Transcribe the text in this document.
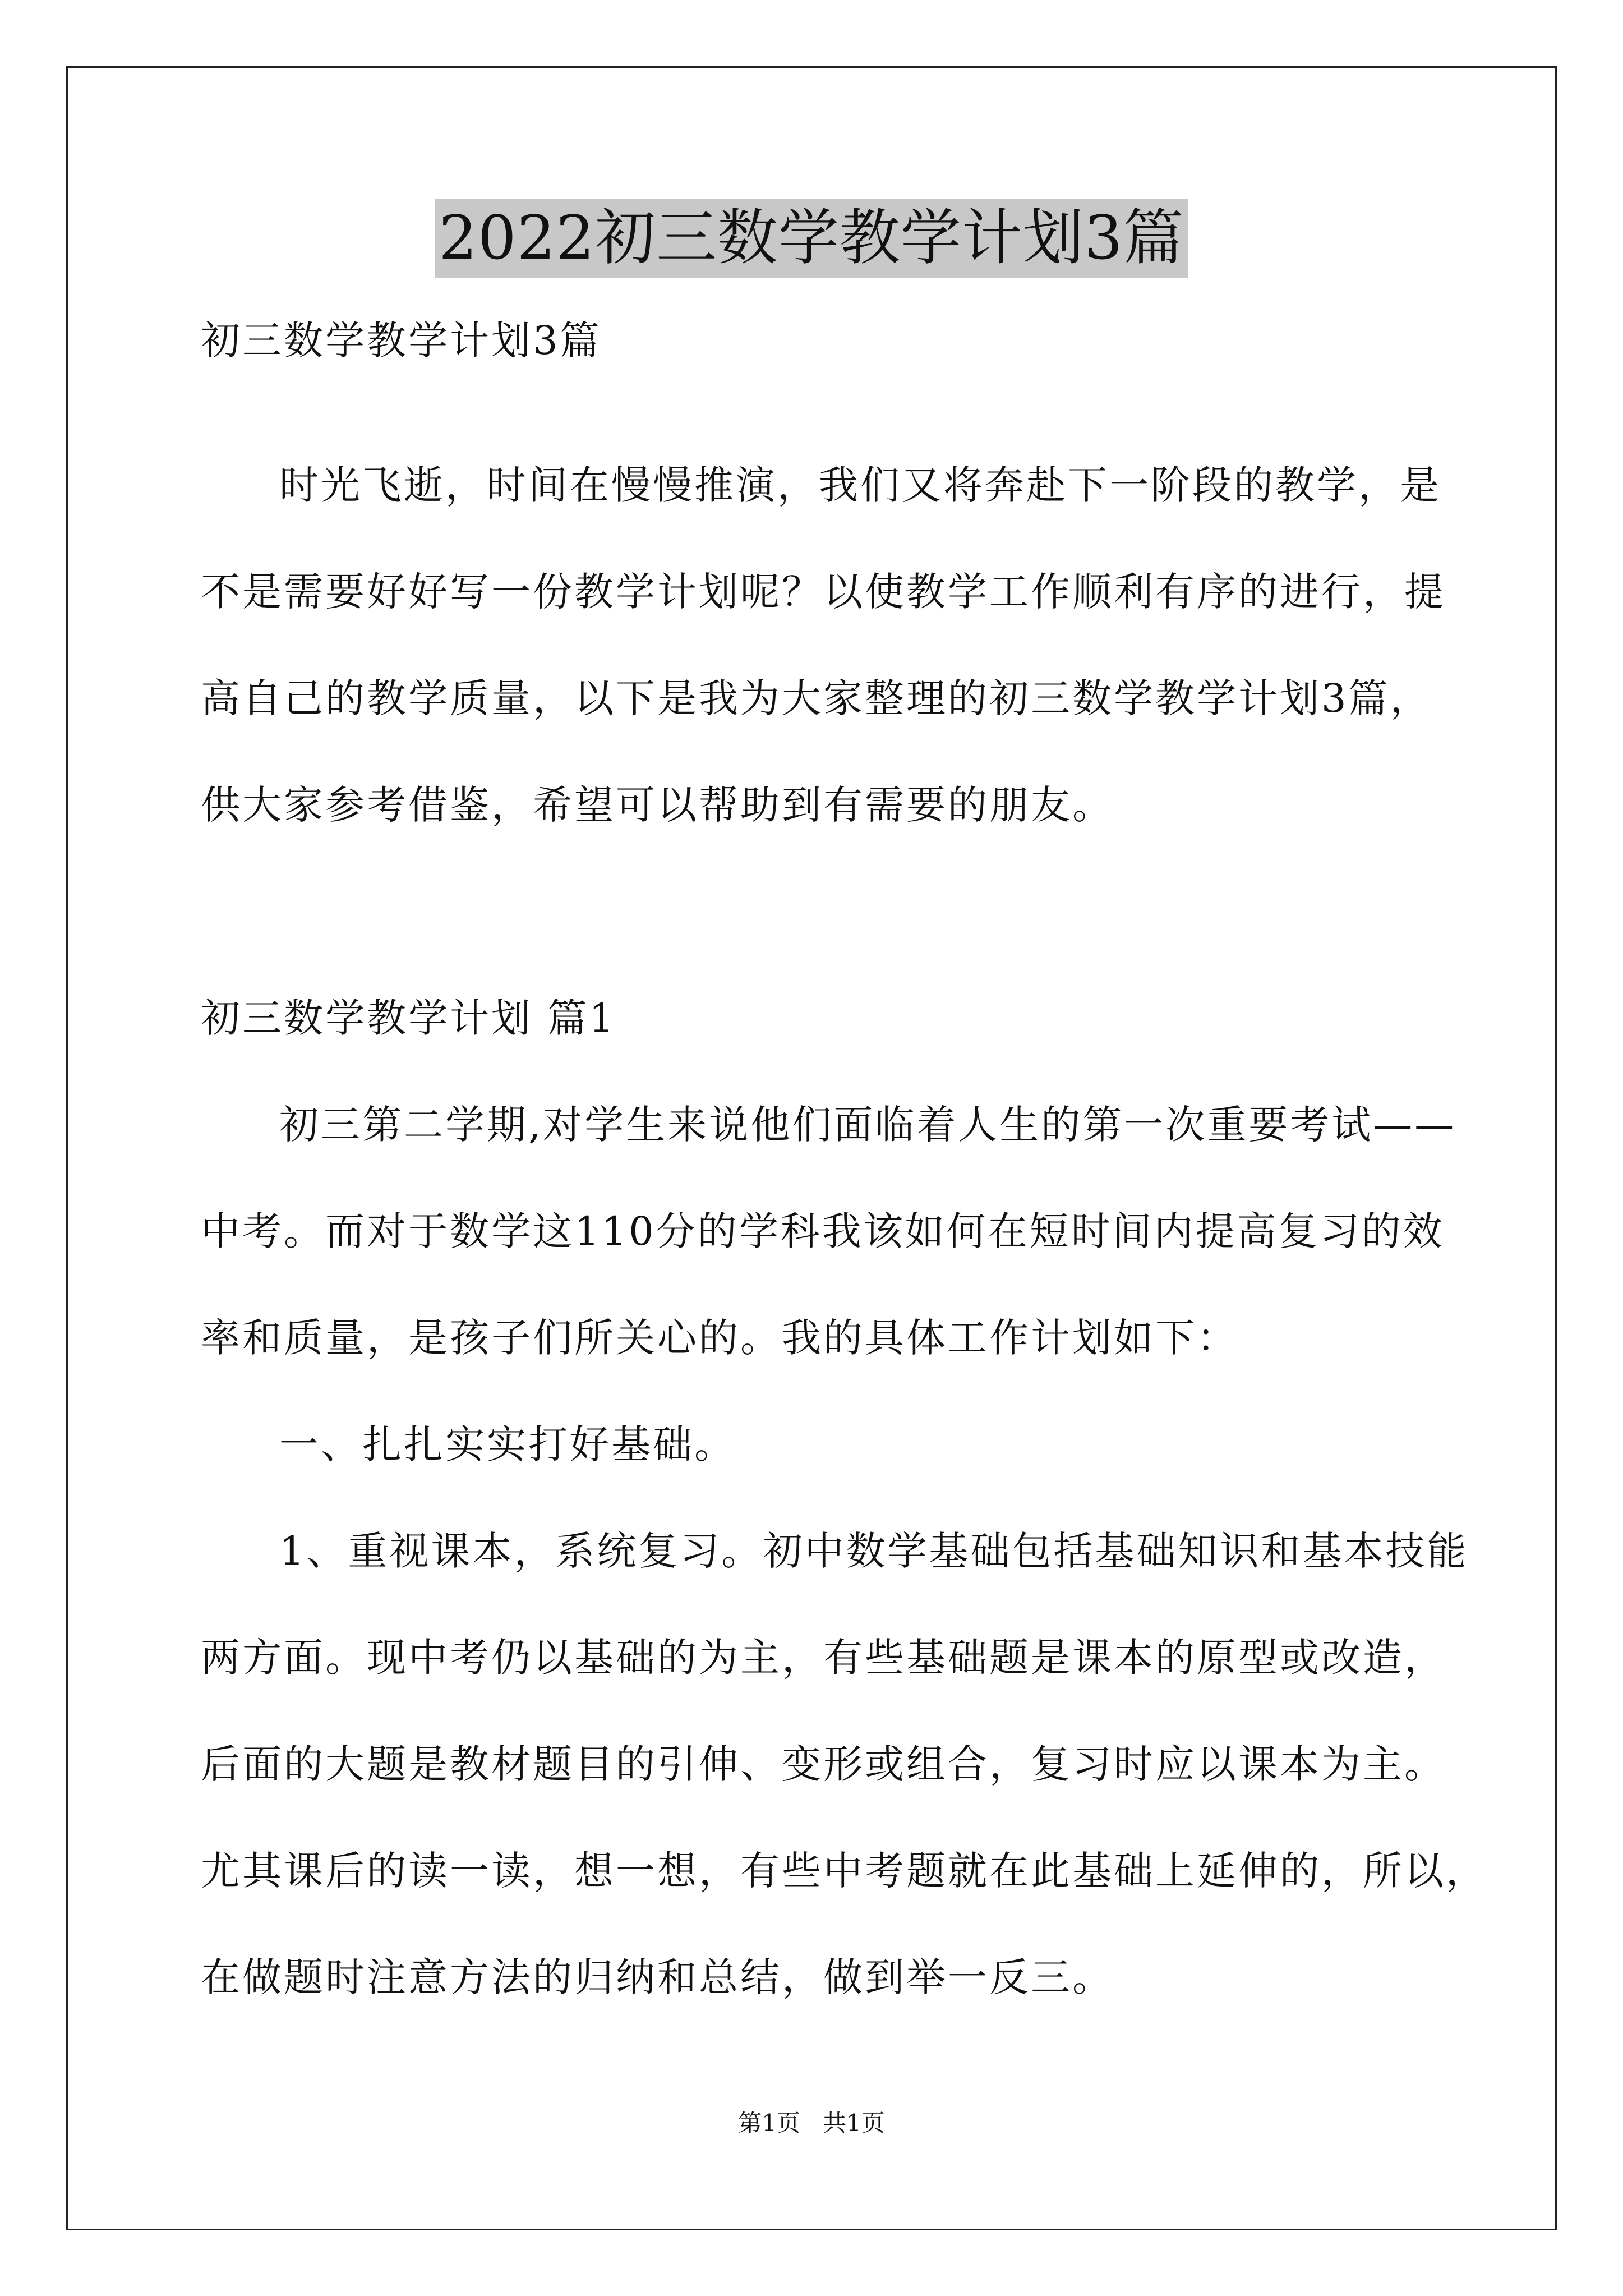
2022初三数学教学计划3篇
初三数学教学计划3篇
时光飞逝，时间在慢慢推演，我们又将奔赴下一阶段的教学，是
不是需要好好写一份教学计划呢？以使教学工作顺利有序的进行，提
高自己的教学质量，以下是我为大家整理的初三数学教学计划3篇，
供大家参考借鉴，希望可以帮助到有需要的朋友。
初三数学教学计划 篇1
初三第二学期,对学生来说他们面临着人生的第一次重要考试——
中考。而对于数学这110分的学科我该如何在短时间内提高复习的效
率和质量，是孩子们所关心的。我的具体工作计划如下：
一、扎扎实实打好基础。
1、重视课本，系统复习。初中数学基础包括基础知识和基本技能
两方面。现中考仍以基础的为主，有些基础题是课本的原型或改造，
后面的大题是教材题目的引伸、变形或组合，复习时应以课本为主。
尤其课后的读一读，想一想，有些中考题就在此基础上延伸的，所以，
在做题时注意方法的归纳和总结，做到举一反三。
第1页   共1页
